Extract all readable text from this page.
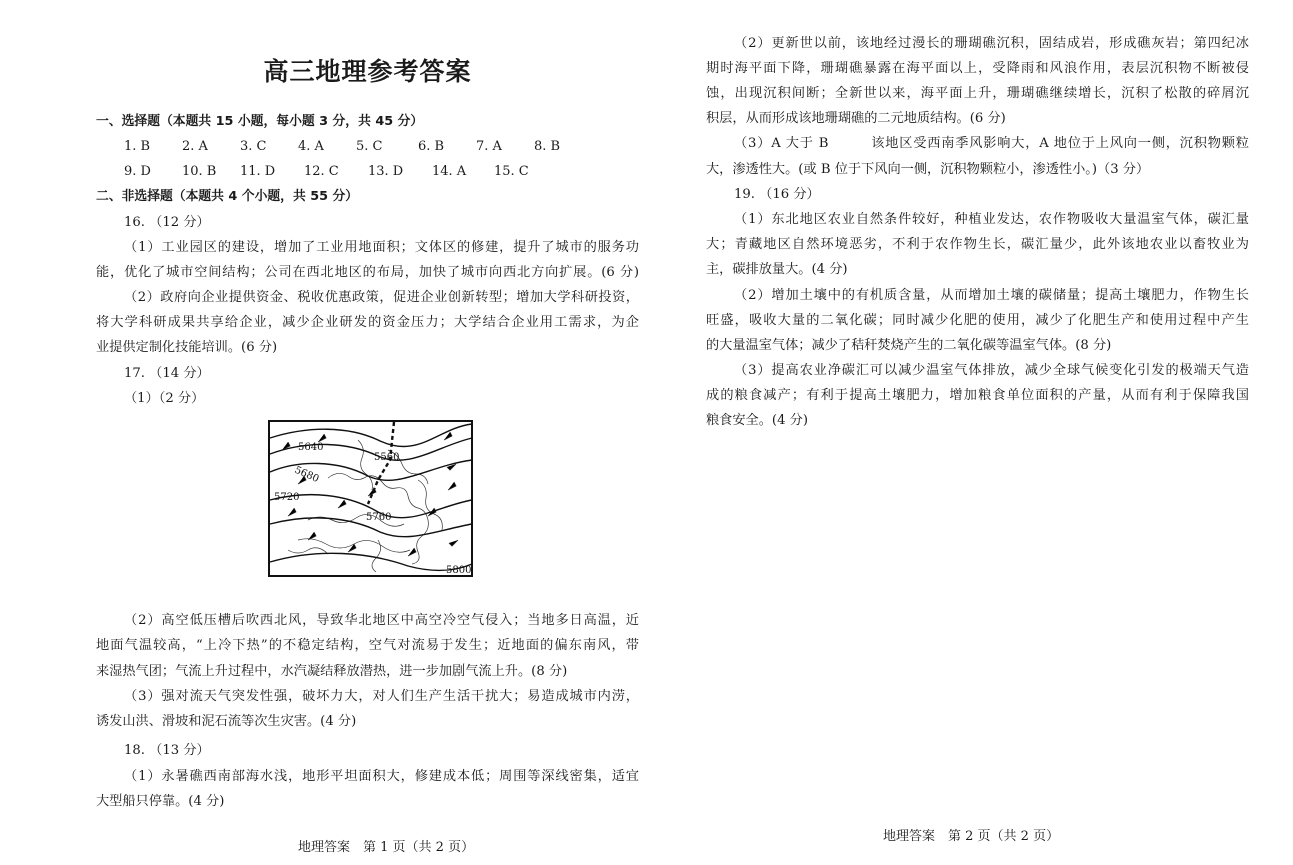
高三地理参考答案
一、选择题（本题共 15 小题，每小题 3 分，共 45 分）
1. B 2. A 3. C 4. A 5. C	6. B 7. A 8. B
9. D 10. B 11. D 12. C 13. D 14. A 15. C
二、非选择题（本题共 4 个小题，共 55 分）
16. （12 分）
（1）工业园区的建设，增加了工业用地面积；文体区的修建，提升了城市的服务功
能，优化了城市空间结构；公司在西北地区的布局，加快了城市向西北方向扩展。(6 分)
（2）政府向企业提供资金、税收优惠政策，促进企业创新转型；增加大学科研投资，
将大学科研成果共享给企业，减少企业研发的资金压力；大学结合企业用工需求，为企
业提供定制化技能培训。(6 分)
17. （14 分）
（1）（2 分）
5640
5680
5560
5720
5760
5800
（2）高空低压槽后吹西北风，导致华北地区中高空冷空气侵入；当地多日高温，近
地面气温较高，“上冷下热”的不稳定结构，空气对流易于发生；近地面的偏东南风，带
来湿热气团；气流上升过程中，水汽凝结释放潜热，进一步加剧气流上升。(8 分)
（3）强对流天气突发性强，破坏力大，对人们生产生活干扰大；易造成城市内涝，
诱发山洪、滑坡和泥石流等次生灾害。(4 分)
18. （13 分）
（1）永暑礁西南部海水浅，地形平坦面积大，修建成本低；周围等深线密集，适宜
大型船只停靠。(4 分)
地理答案　第 1 页（共 2 页）
（2）更新世以前，该地经过漫长的珊瑚礁沉积，固结成岩，形成礁灰岩；第四纪冰
期时海平面下降，珊瑚礁暴露在海平面以上，受降雨和风浪作用，表层沉积物不断被侵
蚀，出现沉积间断；全新世以来，海平面上升，珊瑚礁继续增长，沉积了松散的碎屑沉
积层，从而形成该地珊瑚礁的二元地质结构。(6 分)
（3）A 大于 B　　　该地区受西南季风影响大，A 地位于上风向一侧，沉积物颗粒
大，渗透性大。(或 B 位于下风向一侧，沉积物颗粒小，渗透性小。)（3 分）
19. （16 分）
（1）东北地区农业自然条件较好，种植业发达，农作物吸收大量温室气体，碳汇量
大；青藏地区自然环境恶劣，不利于农作物生长，碳汇量少，此外该地农业以畜牧业为
主，碳排放量大。(4 分)
（2）增加土壤中的有机质含量，从而增加土壤的碳储量；提高土壤肥力，作物生长
旺盛，吸收大量的二氧化碳；同时减少化肥的使用，减少了化肥生产和使用过程中产生
的大量温室气体；减少了秸秆焚烧产生的二氧化碳等温室气体。(8 分)
（3）提高农业净碳汇可以减少温室气体排放，减少全球气候变化引发的极端天气造
成的粮食减产；有利于提高土壤肥力，增加粮食单位面积的产量，从而有利于保障我国
粮食安全。(4 分)
地理答案　第 2 页（共 2 页）
